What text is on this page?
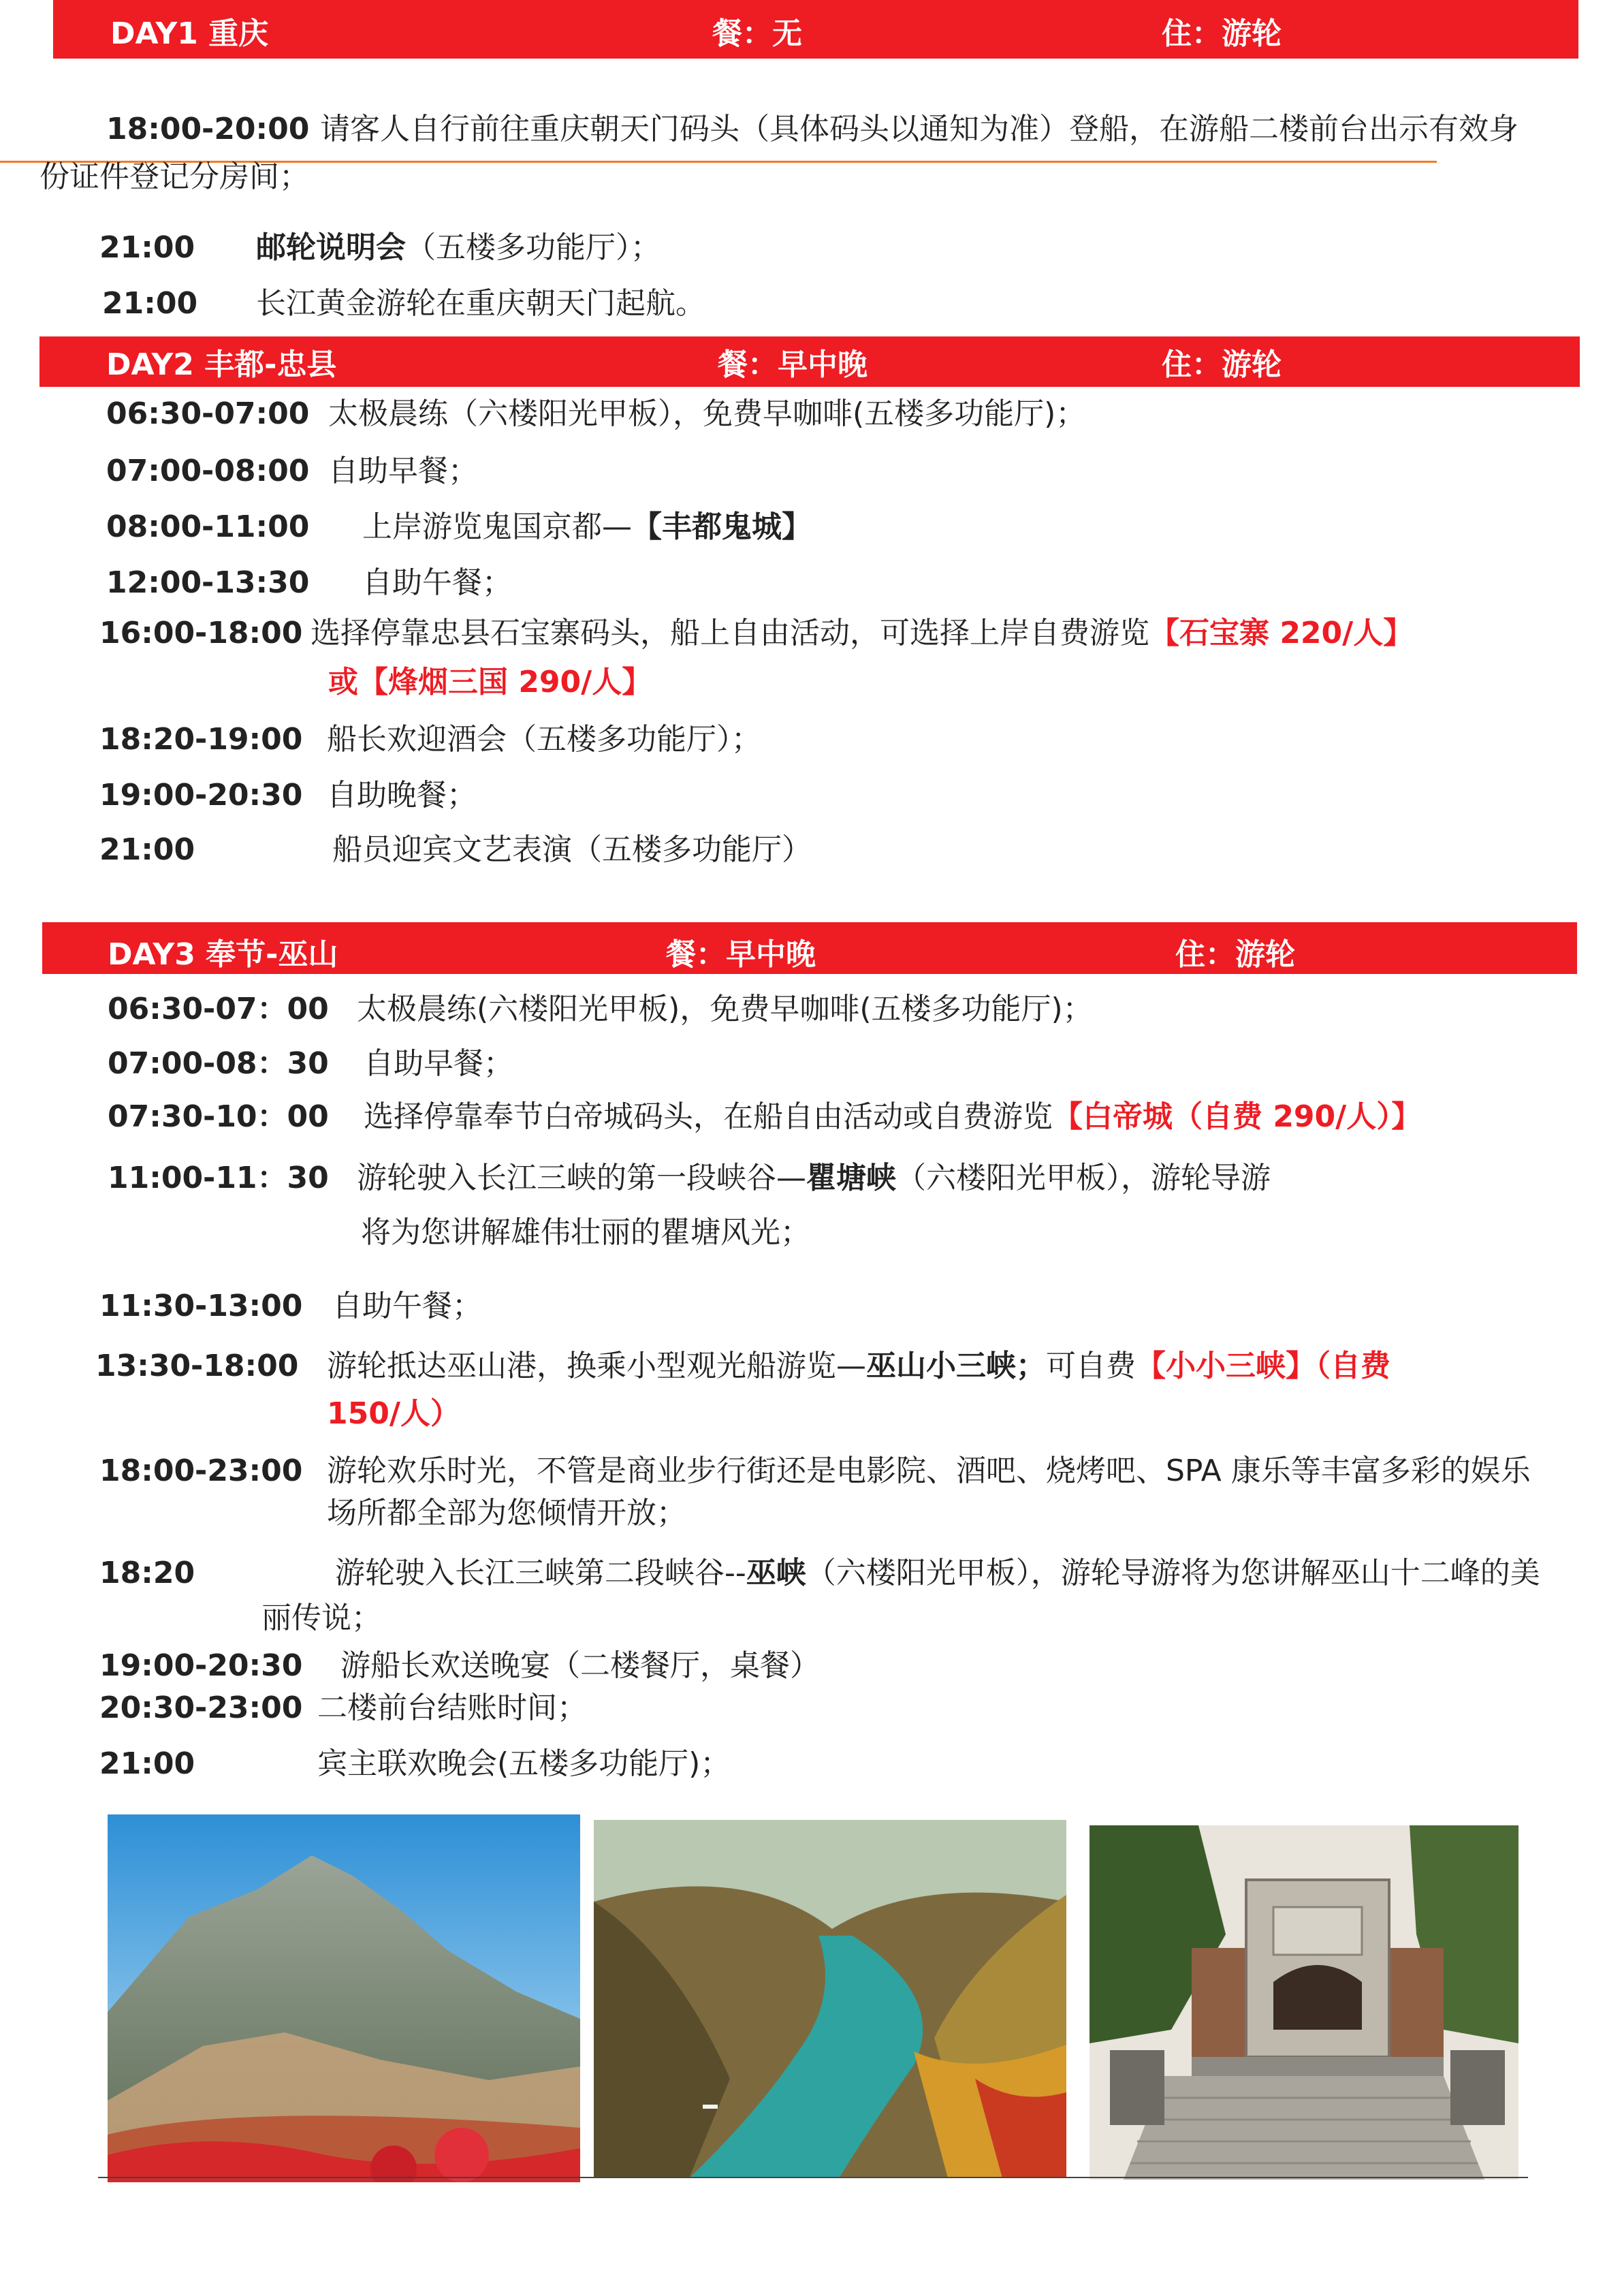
DAY1 重庆	餐：无	住：游轮
18:00-20:00 请客人自行前往重庆朝天门码头（具体码头以通知为准）登船，在游船二楼前台出示有效身
份证件登记分房间；
21:00 邮轮说明会（五楼多功能厅）；
21:00 长江黄金游轮在重庆朝天门起航。
DAY2 丰都-忠县	餐：早中晚	住：游轮
06:30-07:00 太极晨练（六楼阳光甲板），免费早咖啡(五楼多功能厅)；
07:00-08:00 自助早餐；
08:00-11:00 上岸游览鬼国京都—【丰都鬼城】
12:00-13:30 自助午餐；
16:00-18:00 选择停靠忠县石宝寨码头，船上自由活动，可选择上岸自费游览【石宝寨 220/人】
或【烽烟三国 290/人】
18:20-19:00 船长欢迎酒会（五楼多功能厅）；
19:00-20:30 自助晚餐；
21:00	船员迎宾文艺表演（五楼多功能厅）
DAY3 奉节-巫山	餐：早中晚	住：游轮
06:30-07：00 太极晨练(六楼阳光甲板)，免费早咖啡(五楼多功能厅)；
07:00-08：30 自助早餐；
07:30-10：00 选择停靠奉节白帝城码头，在船自由活动或自费游览【白帝城（自费 290/人）】
11:00-11：30 游轮驶入长江三峡的第一段峡谷—瞿塘峡（六楼阳光甲板），游轮导游
将为您讲解雄伟壮丽的瞿塘风光；
11:30-13:00 自助午餐；
13:30-18:00 游轮抵达巫山港，换乘小型观光船游览—巫山小三峡；可自费【小小三峡】（自费
150/人）
18:00-23:00 游轮欢乐时光，不管是商业步行街还是电影院、酒吧、烧烤吧、SPA 康乐等丰富多彩的娱乐
场所都全部为您倾情开放；
18:20	游轮驶入长江三峡第二段峡谷--巫峡（六楼阳光甲板），游轮导游将为您讲解巫山十二峰的美
丽传说；
19:00-20:30 游船长欢送晚宴（二楼餐厅，桌餐）
20:30-23:00 二楼前台结账时间；
21:00	宾主联欢晚会(五楼多功能厅)；
